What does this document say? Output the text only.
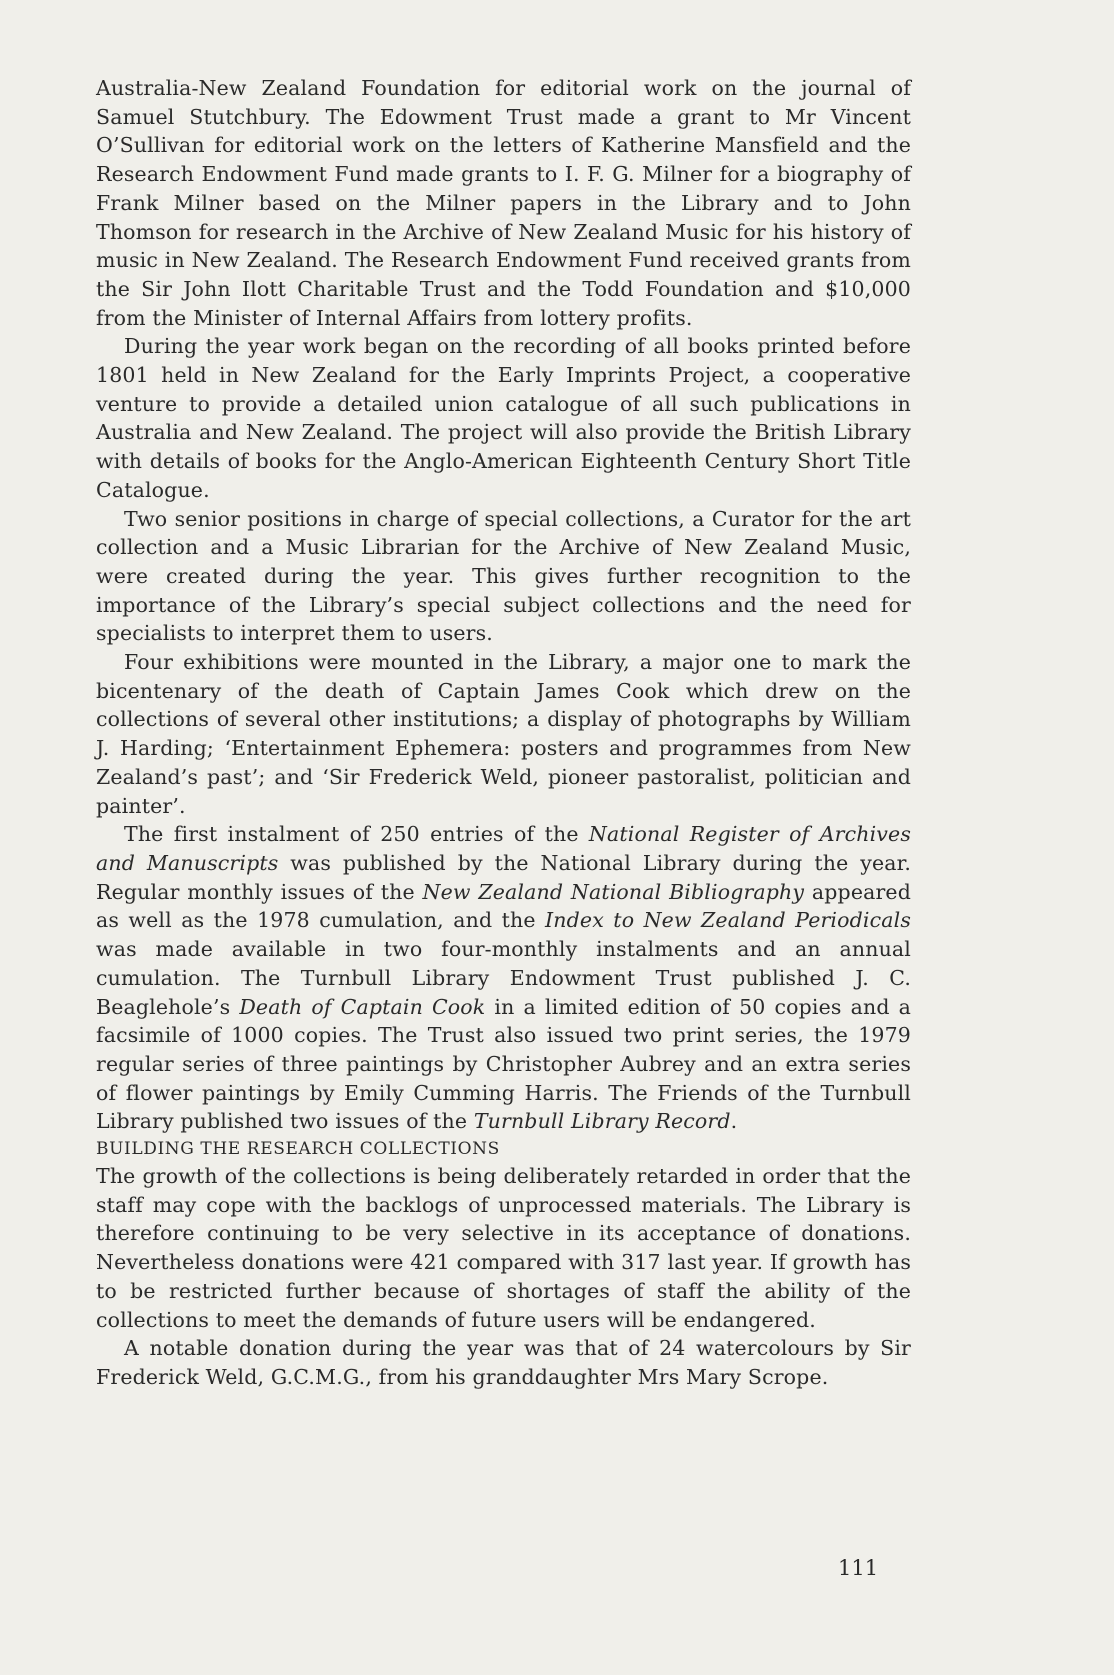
Australia-New Zealand Foundation for editorial work on the journal of Samuel Stutchbury. The Edowment Trust made a grant to Mr Vincent O’Sullivan for editorial work on the letters of Katherine Mansfield and the Research Endowment Fund made grants to I. F. G. Milner for a biography of Frank Milner based on the Milner papers in the Library and to John Thomson for research in the Archive of New Zealand Music for his history of music in New Zealand. The Research Endowment Fund received grants from the Sir John Ilott Charitable Trust and the Todd Foundation and $10,000 from the Minister of Internal Affairs from lottery profits.

During the year work began on the recording of all books printed before 1801 held in New Zealand for the Early Imprints Project, a cooperative venture to provide a detailed union catalogue of all such publications in Australia and New Zealand. The project will also provide the British Library with details of books for the Anglo-American Eighteenth Century Short Title Catalogue.

Two senior positions in charge of special collections, a Curator for the art collection and a Music Librarian for the Archive of New Zealand Music, were created during the year. This gives further recognition to the importance of the Library’s special subject collections and the need for specialists to interpret them to users.

Four exhibitions were mounted in the Library, a major one to mark the bicentenary of the death of Captain James Cook which drew on the collections of several other institutions; a display of photographs by William J. Harding; ‘Entertainment Ephemera: posters and programmes from New Zealand’s past’; and ‘Sir Frederick Weld, pioneer pastoralist, politician and painter’.

The first instalment of 250 entries of the National Register of Archives and Manuscripts was published by the National Library during the year. Regular monthly issues of the New Zealand National Bibliography appeared as well as the 1978 cumulation, and the Index to New Zealand Periodicals was made available in two four-monthly instalments and an annual cumulation. The Turnbull Library Endowment Trust published J. C. Beaglehole’s Death of Captain Cook in a limited edition of 50 copies and a facsimile of 1000 copies. The Trust also issued two print series, the 1979 regular series of three paintings by Christopher Aubrey and an extra series of flower paintings by Emily Cumming Harris. The Friends of the Turnbull Library published two issues of the Turnbull Library Record.

BUILDING THE RESEARCH COLLECTIONS

The growth of the collections is being deliberately retarded in order that the staff may cope with the backlogs of unprocessed materials. The Library is therefore continuing to be very selective in its acceptance of donations. Nevertheless donations were 421 compared with 317 last year. If growth has to be restricted further because of shortages of staff the ability of the collections to meet the demands of future users will be endangered.

A notable donation during the year was that of 24 watercolours by Sir Frederick Weld, G.C.M.G., from his granddaughter Mrs Mary Scrope.

111
